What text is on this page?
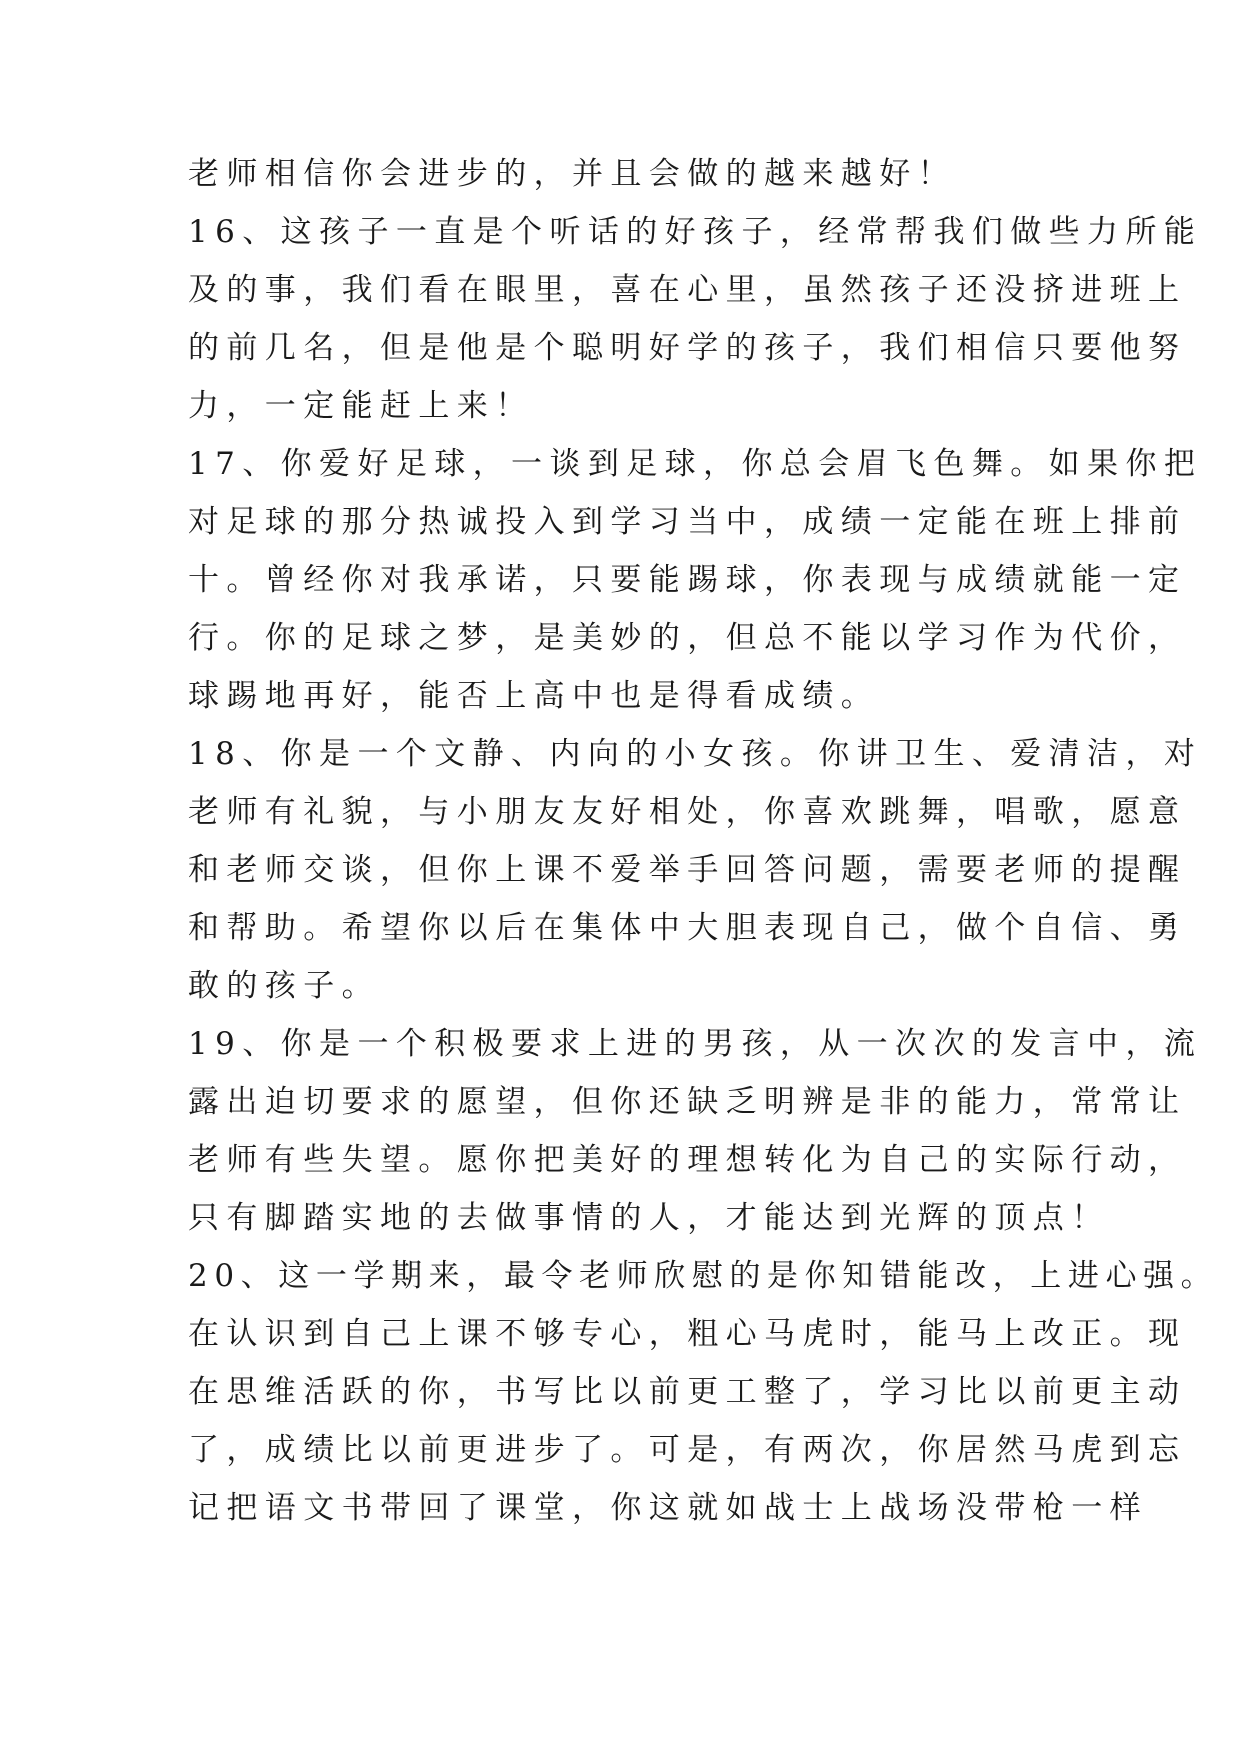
老师相信你会进步的，并且会做的越来越好！
16、这孩子一直是个听话的好孩子，经常帮我们做些力所能
及的事，我们看在眼里，喜在心里，虽然孩子还没挤进班上
的前几名，但是他是个聪明好学的孩子，我们相信只要他努
力，一定能赶上来！
17、你爱好足球，一谈到足球，你总会眉飞色舞。如果你把
对足球的那分热诚投入到学习当中，成绩一定能在班上排前
十。曾经你对我承诺，只要能踢球，你表现与成绩就能一定
行。你的足球之梦，是美妙的，但总不能以学习作为代价，
球踢地再好，能否上高中也是得看成绩。
18、你是一个文静、内向的小女孩。你讲卫生、爱清洁，对
老师有礼貌，与小朋友友好相处，你喜欢跳舞，唱歌，愿意
和老师交谈，但你上课不爱举手回答问题，需要老师的提醒
和帮助。希望你以后在集体中大胆表现自己，做个自信、勇
敢的孩子。
19、你是一个积极要求上进的男孩，从一次次的发言中，流
露出迫切要求的愿望，但你还缺乏明辨是非的能力，常常让
老师有些失望。愿你把美好的理想转化为自己的实际行动，
只有脚踏实地的去做事情的人，才能达到光辉的顶点！
20、这一学期来，最令老师欣慰的是你知错能改，上进心强。
在认识到自己上课不够专心，粗心马虎时，能马上改正。现
在思维活跃的你，书写比以前更工整了，学习比以前更主动
了，成绩比以前更进步了。可是，有两次，你居然马虎到忘
记把语文书带回了课堂，你这就如战士上战场没带枪一样
